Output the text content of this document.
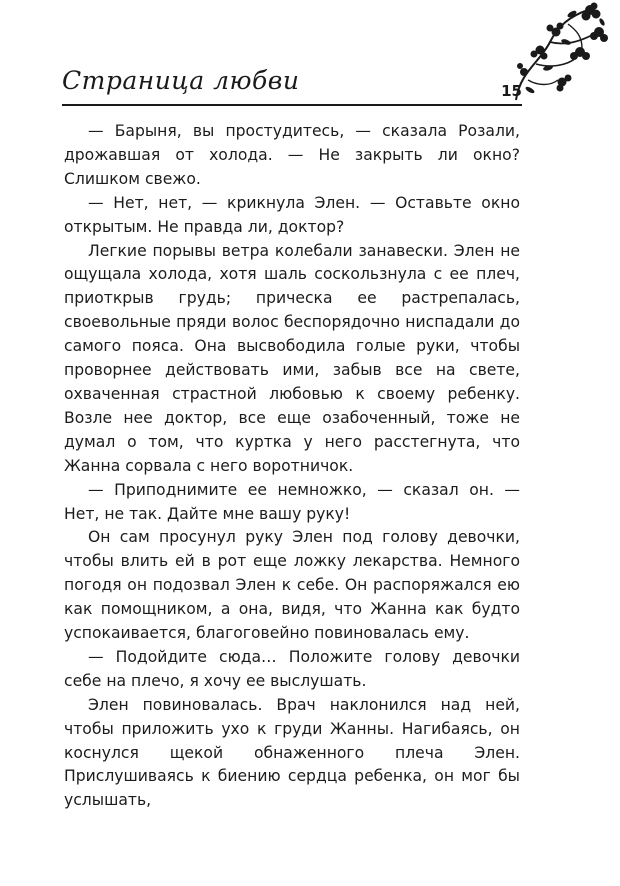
Страница любви	15

— Барыня, вы простудитесь, — сказала Розали, дрожавшая от холода. — Не закрыть ли окно? Слишком свежо.

— Нет, нет, — крикнула Элен. — Оставьте окно открытым. Не правда ли, доктор?

Легкие порывы ветра колебали занавески. Элен не ощущала холода, хотя шаль соскользнула с ее плеч, приоткрыв грудь; прическа ее растрепалась, своевольные пряди волос беспорядочно ниспадали до самого пояса. Она высвободила голые руки, чтобы проворнее действовать ими, забыв все на свете, охваченная страстной любовью к своему ребенку. Возле нее доктор, все еще озабоченный, тоже не думал о том, что куртка у него расстегнута, что Жанна сорвала с него воротничок.

— Приподнимите ее немножко, — сказал он. — Нет, не так. Дайте мне вашу руку!

Он сам просунул руку Элен под голову девочки, чтобы влить ей в рот еще ложку лекарства. Немного погодя он подозвал Элен к себе. Он распоряжался ею как помощником, а она, видя, что Жанна как будто успокаивается, благоговейно повиновалась ему.

— Подойдите сюда… Положите голову девочки себе на плечо, я хочу ее выслушать.

Элен повиновалась. Врач наклонился над ней, чтобы приложить ухо к груди Жанны. Нагибаясь, он коснулся щекой обнаженного плеча Элен. Прислушиваясь к биению сердца ребенка, он мог бы услышать,
